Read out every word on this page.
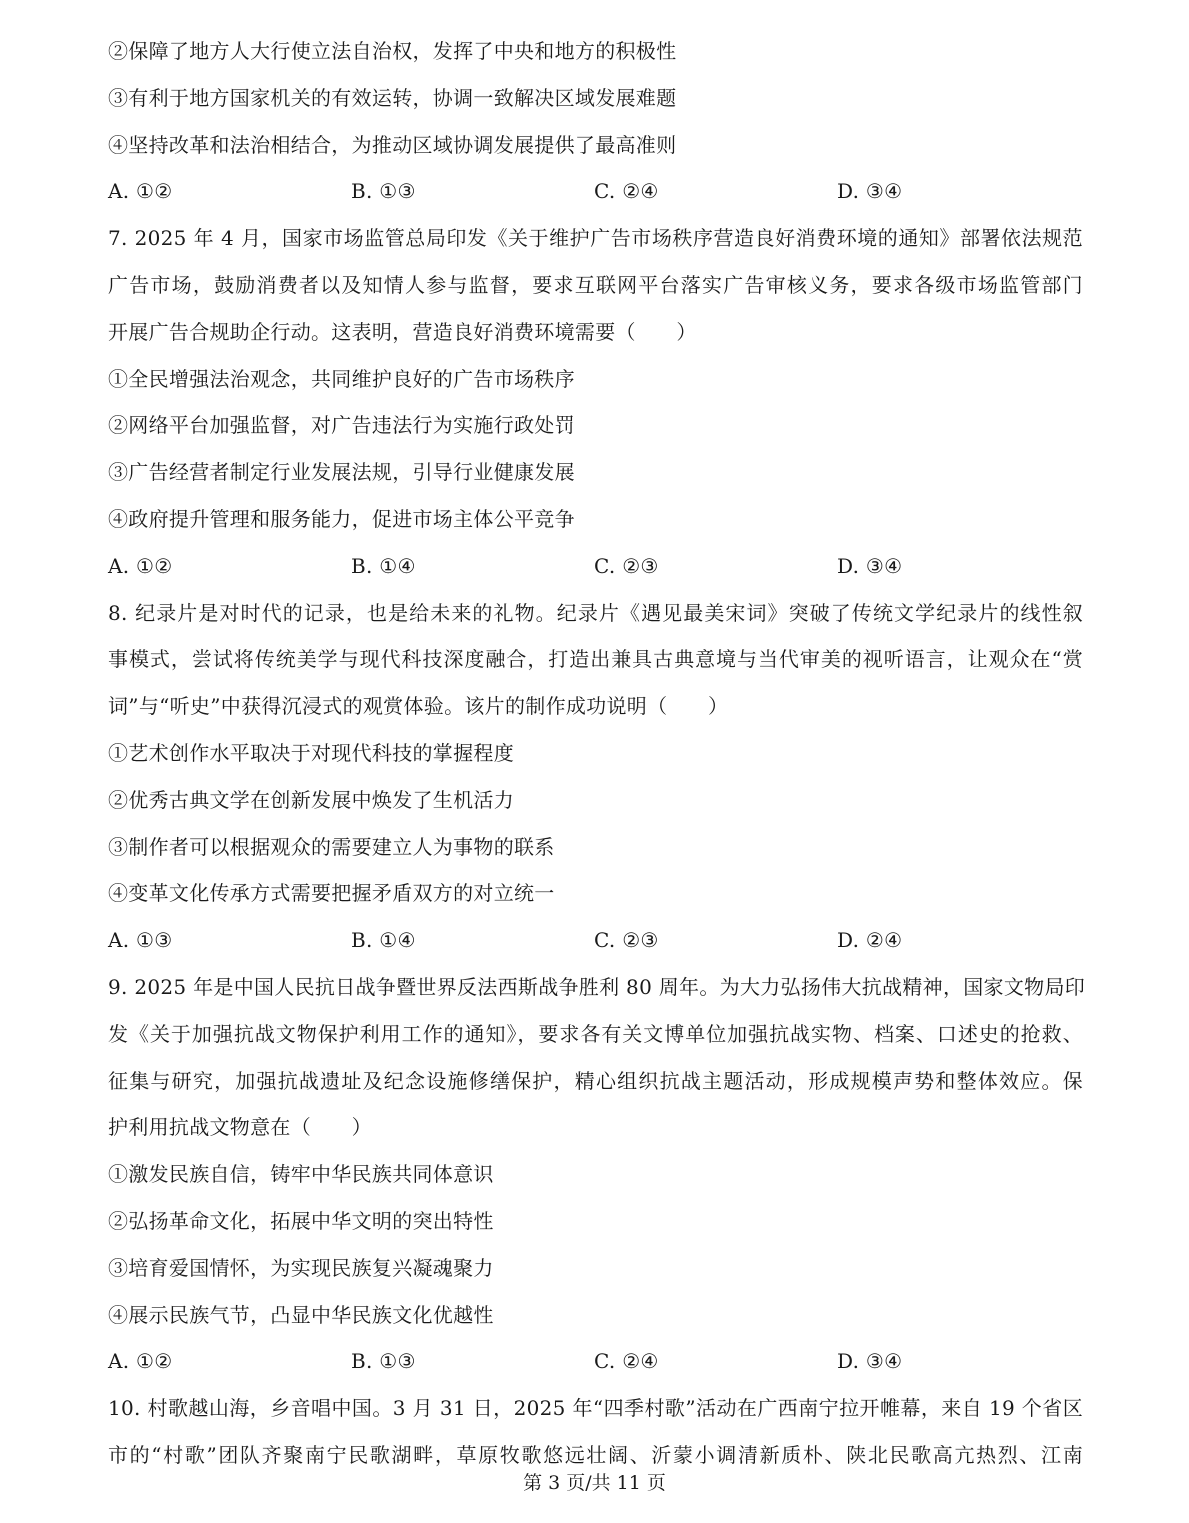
②保障了地方人大行使立法自治权，发挥了中央和地方的积极性
③有利于地方国家机关的有效运转，协调一致解决区域发展难题
④坚持改革和法治相结合，为推动区域协调发展提供了最高准则
A. ①②	B. ①③	C. ②④	D. ③④
7. 2025 年 4 月，国家市场监管总局印发《关于维护广告市场秩序营造良好消费环境的通知》部署依法规范
广告市场，鼓励消费者以及知情人参与监督，要求互联网平台落实广告审核义务，要求各级市场监管部门
开展广告合规助企行动。这表明，营造良好消费环境需要（　　）
①全民增强法治观念，共同维护良好的广告市场秩序
②网络平台加强监督，对广告违法行为实施行政处罚
③广告经营者制定行业发展法规，引导行业健康发展
④政府提升管理和服务能力，促进市场主体公平竞争
A. ①②	B. ①④	C. ②③	D. ③④
8. 纪录片是对时代的记录，也是给未来的礼物。纪录片《遇见最美宋词》突破了传统文学纪录片的线性叙
事模式，尝试将传统美学与现代科技深度融合，打造出兼具古典意境与当代审美的视听语言，让观众在“赏
词”与“听史”中获得沉浸式的观赏体验。该片的制作成功说明（　　）
①艺术创作水平取决于对现代科技的掌握程度
②优秀古典文学在创新发展中焕发了生机活力
③制作者可以根据观众的需要建立人为事物的联系
④变革文化传承方式需要把握矛盾双方的对立统一
A. ①③	B. ①④	C. ②③	D. ②④
9. 2025 年是中国人民抗日战争暨世界反法西斯战争胜利 80 周年。为大力弘扬伟大抗战精神，国家文物局印
发《关于加强抗战文物保护利用工作的通知》，要求各有关文博单位加强抗战实物、档案、口述史的抢救、
征集与研究，加强抗战遗址及纪念设施修缮保护，精心组织抗战主题活动，形成规模声势和整体效应。保
护利用抗战文物意在（　　）
①激发民族自信，铸牢中华民族共同体意识
②弘扬革命文化，拓展中华文明的突出特性
③培育爱国情怀，为实现民族复兴凝魂聚力
④展示民族气节，凸显中华民族文化优越性
A. ①②	B. ①③	C. ②④	D. ③④
10. 村歌越山海，乡音唱中国。3 月 31 日，2025 年“四季村歌”活动在广西南宁拉开帷幕，来自 19 个省区
市的“村歌”团队齐聚南宁民歌湖畔，草原牧歌悠远壮阔、沂蒙小调清新质朴、陕北民歌高亢热烈、江南
第 3 页/共 11 页
